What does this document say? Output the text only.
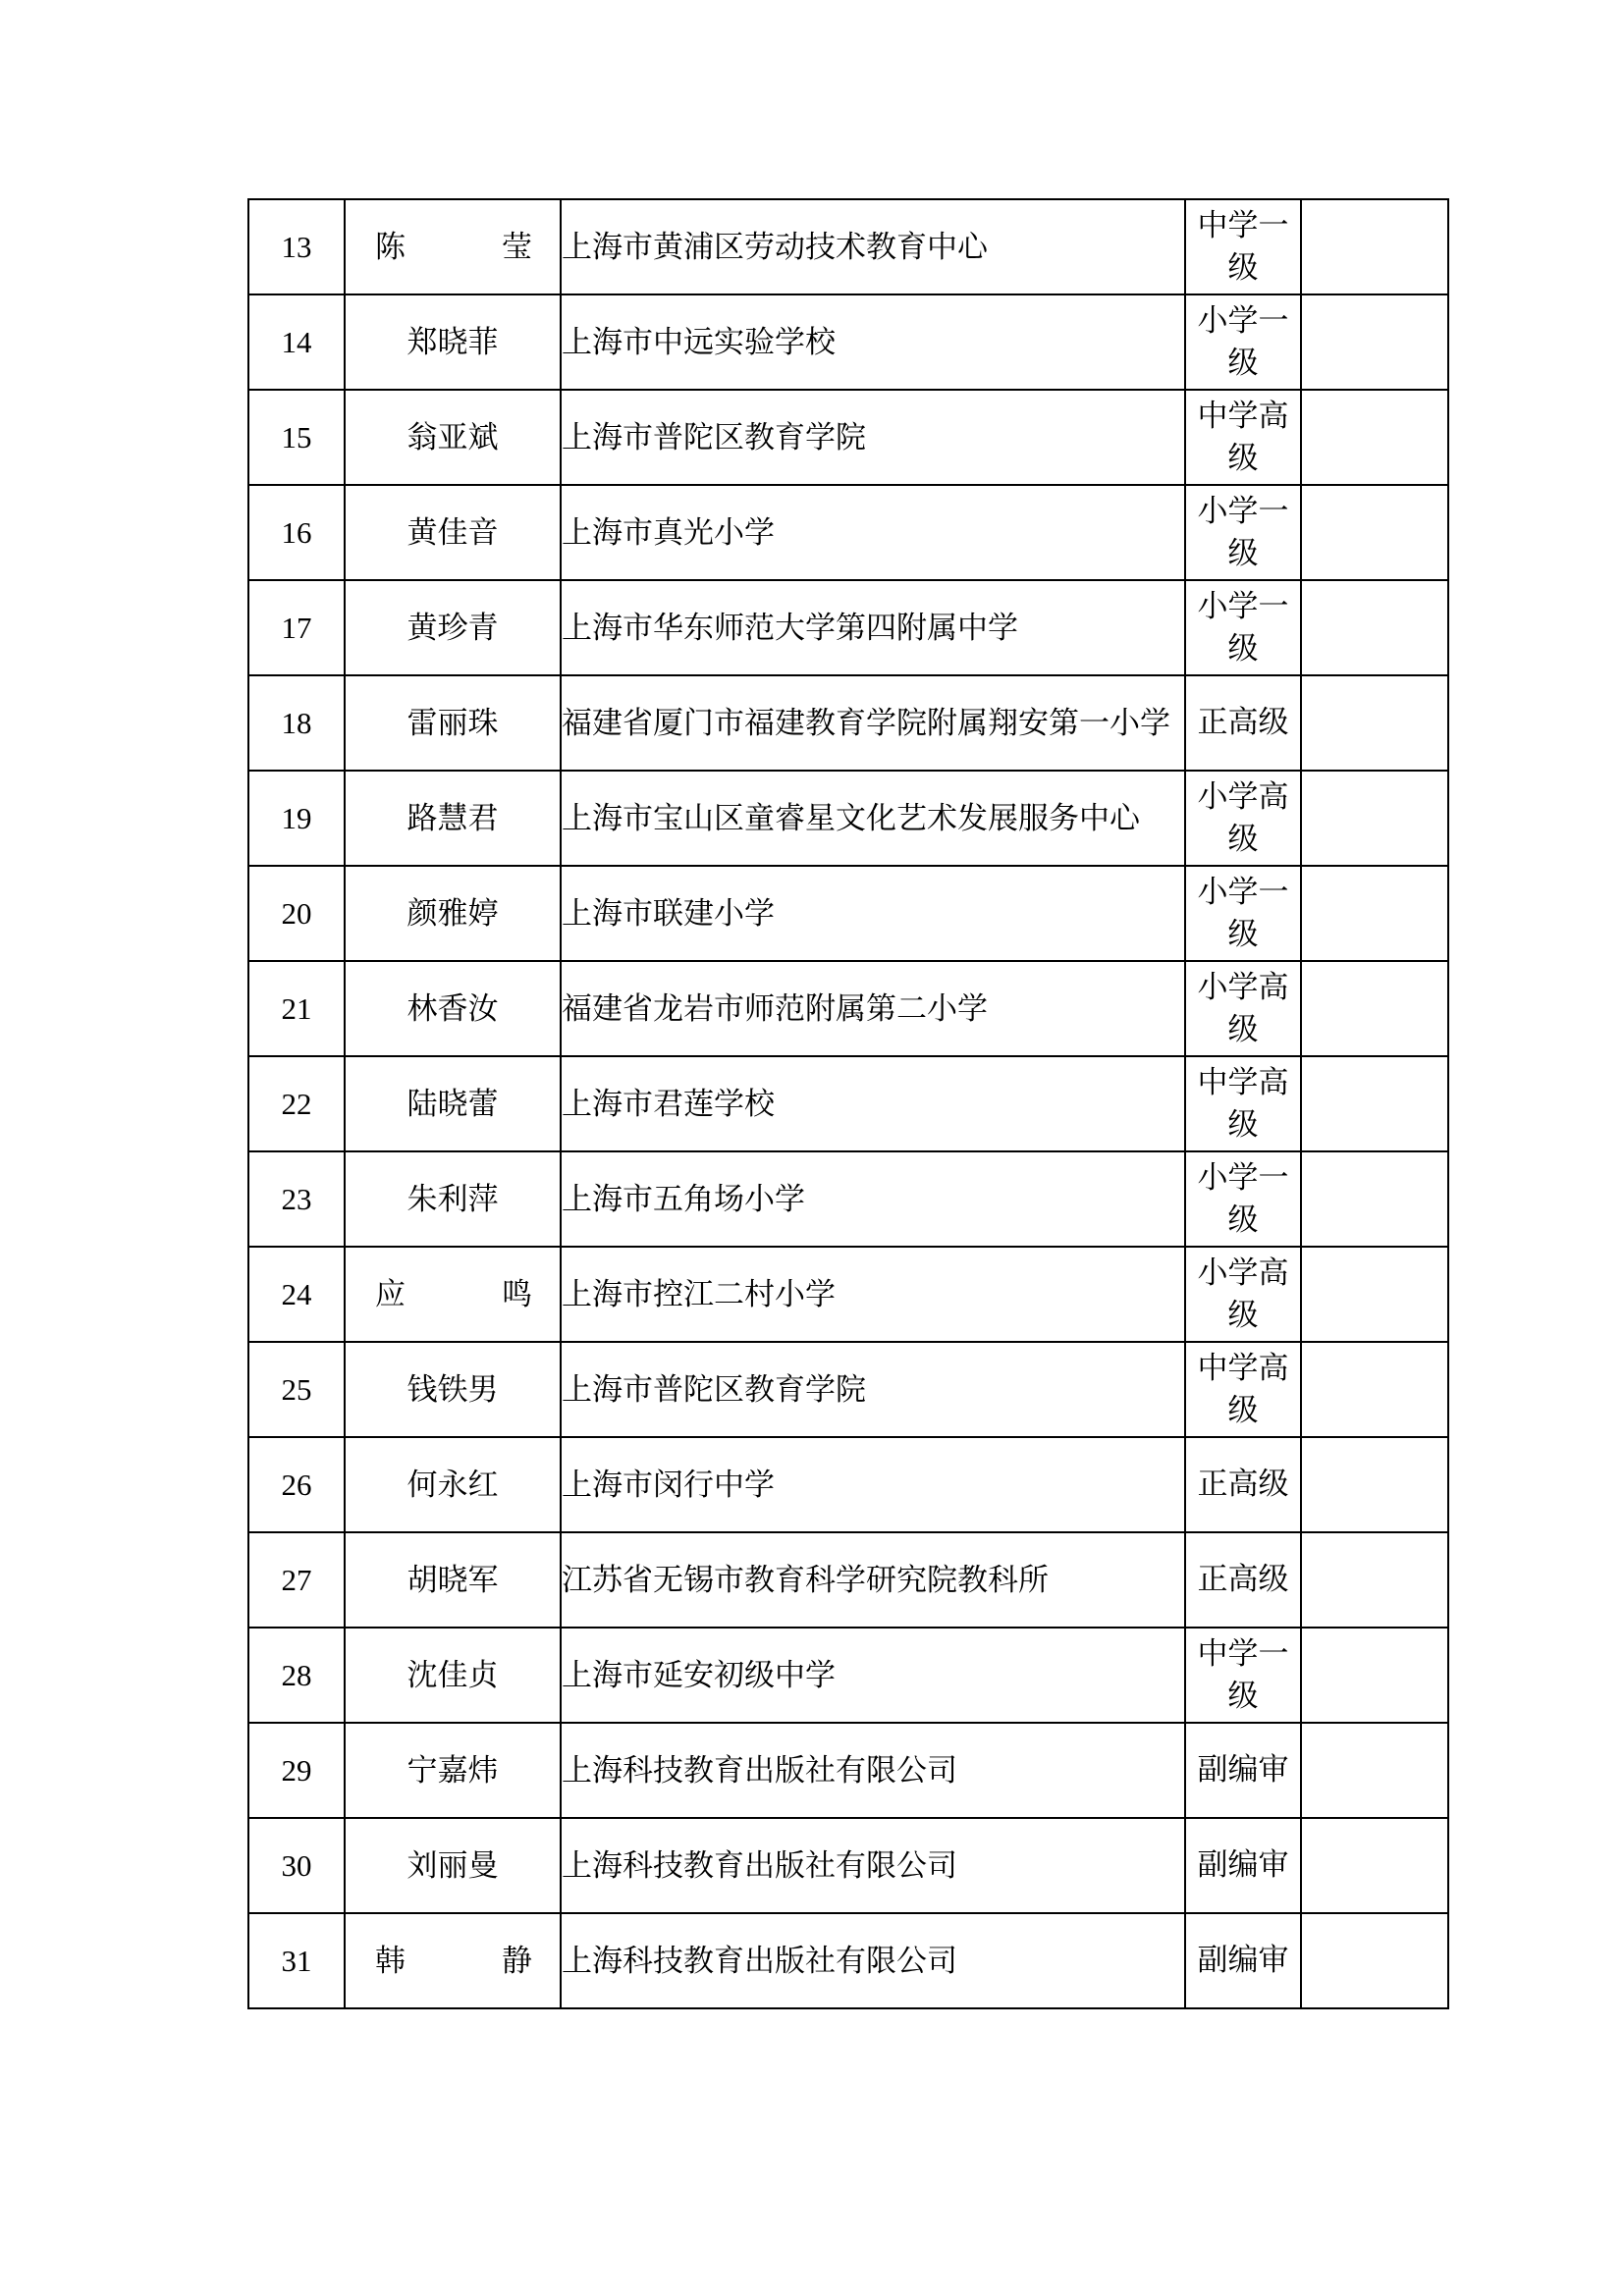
13	陈　莹	上海市黄浦区劳动技术教育中心	中学一级	

14	郑晓菲	上海市中远实验学校	小学一级	

15	翁亚斌	上海市普陀区教育学院	中学高级	

16	黄佳音	上海市真光小学	小学一级	

17	黄珍青	上海市华东师范大学第四附属中学	小学一级	

18	雷丽珠	福建省厦门市福建教育学院附属翔安第一小学	正高级	

19	路慧君	上海市宝山区童睿星文化艺术发展服务中心	小学高级	

20	颜雅婷	上海市联建小学	小学一级	

21	林香汝	福建省龙岩市师范附属第二小学	小学高级	

22	陆晓蕾	上海市君莲学校	中学高级	

23	朱利萍	上海市五角场小学	小学一级	

24	应　鸣	上海市控江二村小学	小学高级	

25	钱铁男	上海市普陀区教育学院	中学高级	

26	何永红	上海市闵行中学	正高级	

27	胡晓军	江苏省无锡市教育科学研究院教科所	正高级	

28	沈佳贞	上海市延安初级中学	中学一级	

29	宁嘉炜	上海科技教育出版社有限公司	副编审	

30	刘丽曼	上海科技教育出版社有限公司	副编审	

31	韩　静	上海科技教育出版社有限公司	副编审	
